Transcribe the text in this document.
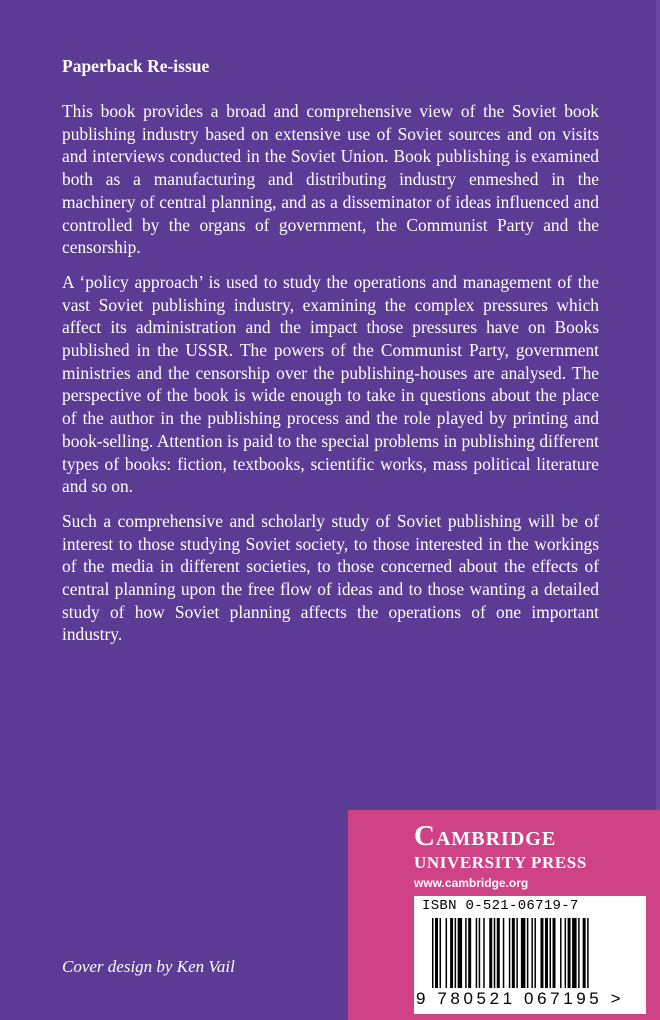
Paperback Re-issue

This book provides a broad and comprehensive view of the Soviet book publishing industry based on extensive use of Soviet sources and on visits and interviews conducted in the Soviet Union. Book publishing is examined both as a manufacturing and distributing industry enmeshed in the machinery of central planning, and as a disseminator of ideas influenced and controlled by the organs of government, the Communist Party and the censorship.

A ‘policy approach’ is used to study the operations and management of the vast Soviet publishing industry, examining the complex pressures which affect its administration and the impact those pressures have on Books published in the USSR. The powers of the Communist Party, government ministries and the censorship over the publishing-houses are analysed. The perspective of the book is wide enough to take in questions about the place of the author in the publishing process and the role played by printing and book-selling. Attention is paid to the special problems in publishing different types of books: fiction, textbooks, scientific works, mass political literature and so on.

Such a comprehensive and scholarly study of Soviet publishing will be of interest to those studying Soviet society, to those interested in the workings of the media in different societies, to those concerned about the effects of central planning upon the free flow of ideas and to those wanting a detailed study of how Soviet planning affects the operations of one important industry.

Cover design by Ken Vail
Cambridge
UNIVERSITY PRESS
www.cambridge.org
ISBN 0-521-06719-7
9 780521 067195 >
